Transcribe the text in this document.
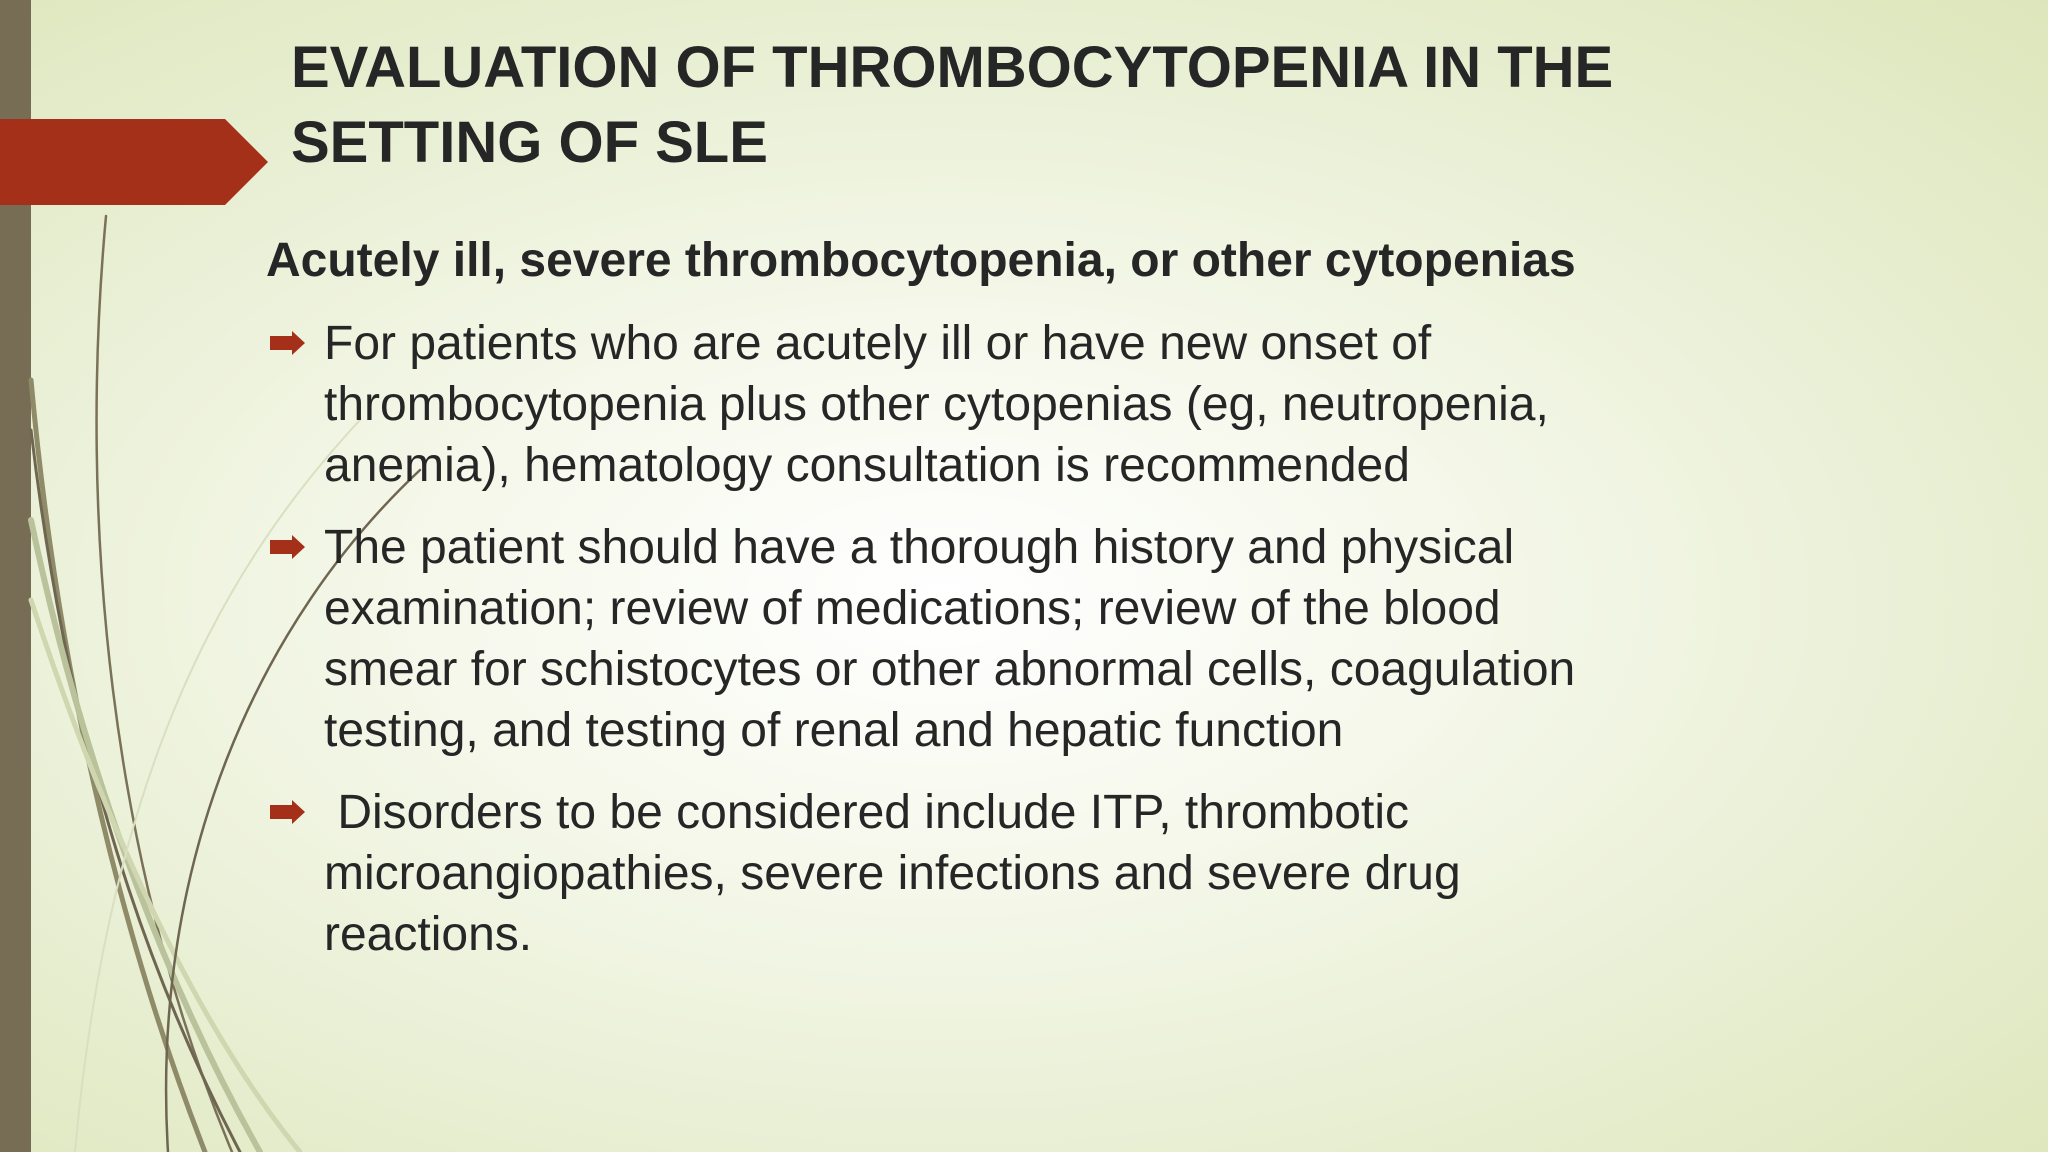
EVALUATION OF THROMBOCYTOPENIA IN THE
SETTING OF SLE

Acutely ill, severe thrombocytopenia, or other cytopenias

For patients who are acutely ill or have new onset of
thrombocytopenia plus other cytopenias (eg, neutropenia,
anemia), hematology consultation is recommended
The patient should have a thorough history and physical
examination; review of medications; review of the blood
smear for schistocytes or other abnormal cells, coagulation
testing, and testing of renal and hepatic function
Disorders to be considered include ITP, thrombotic
microangiopathies, severe infections and severe drug
reactions.
